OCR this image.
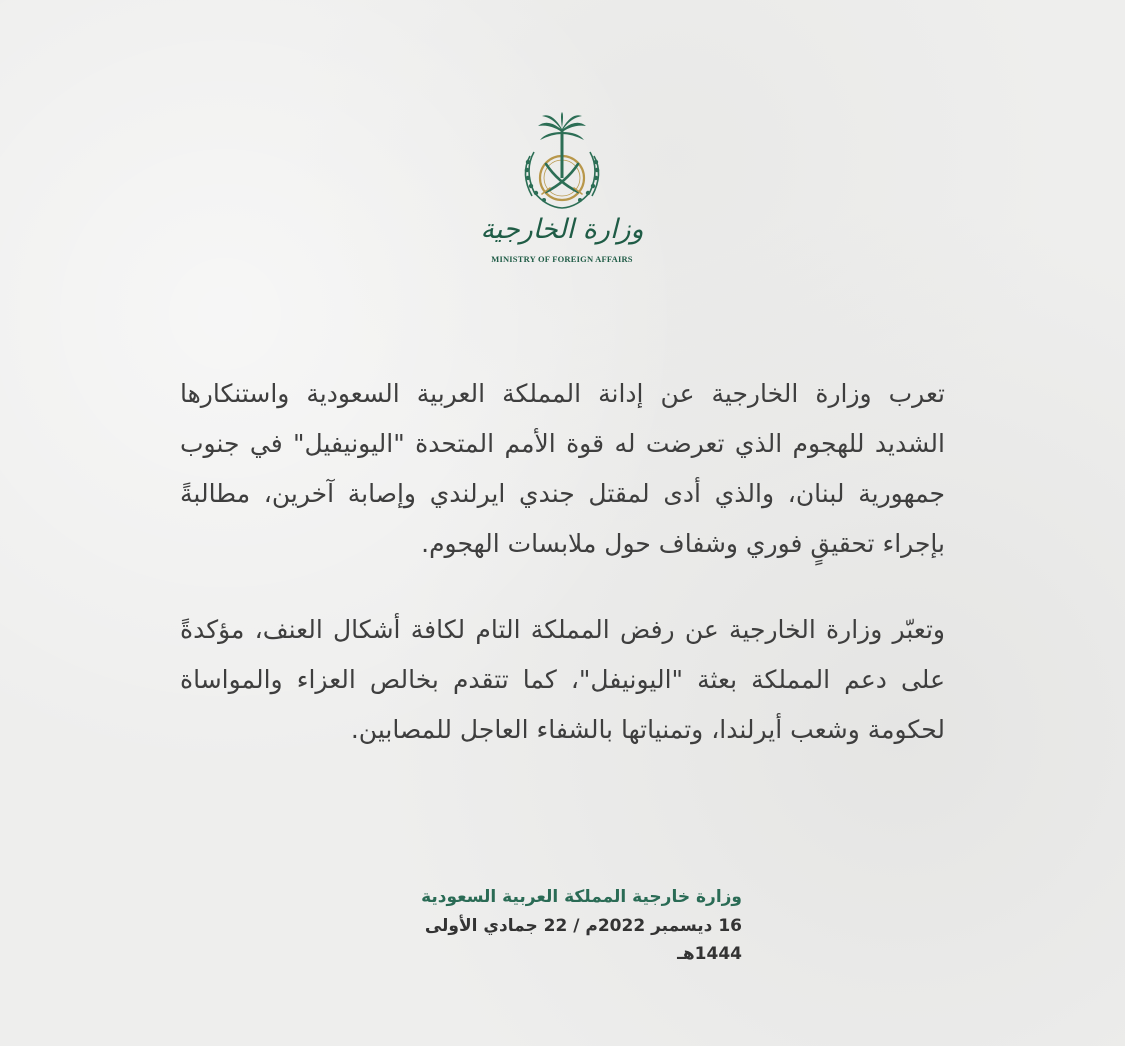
وزارة الخارجية
MINISTRY OF FOREIGN AFFAIRS

تعرب وزارة الخارجية عن إدانة المملكة العربية السعودية واستنكارها الشديد للهجوم الذي تعرضت له قوة الأمم المتحدة "اليونيفيل" في جنوب جمهورية لبنان، والذي أدى لمقتل جندي ايرلندي وإصابة آخرين، مطالبةً بإجراء تحقيقٍ فوري وشفاف حول ملابسات الهجوم.

وتعبّر وزارة الخارجية عن رفض المملكة التام لكافة أشكال العنف، مؤكدةً على دعم المملكة بعثة "اليونيفل"، كما تتقدم بخالص العزاء والمواساة لحكومة وشعب أيرلندا، وتمنياتها بالشفاء العاجل للمصابين.

وزارة خارجية المملكة العربية السعودية
16 ديسمبر 2022م / 22 جمادي الأولى 1444هـ
